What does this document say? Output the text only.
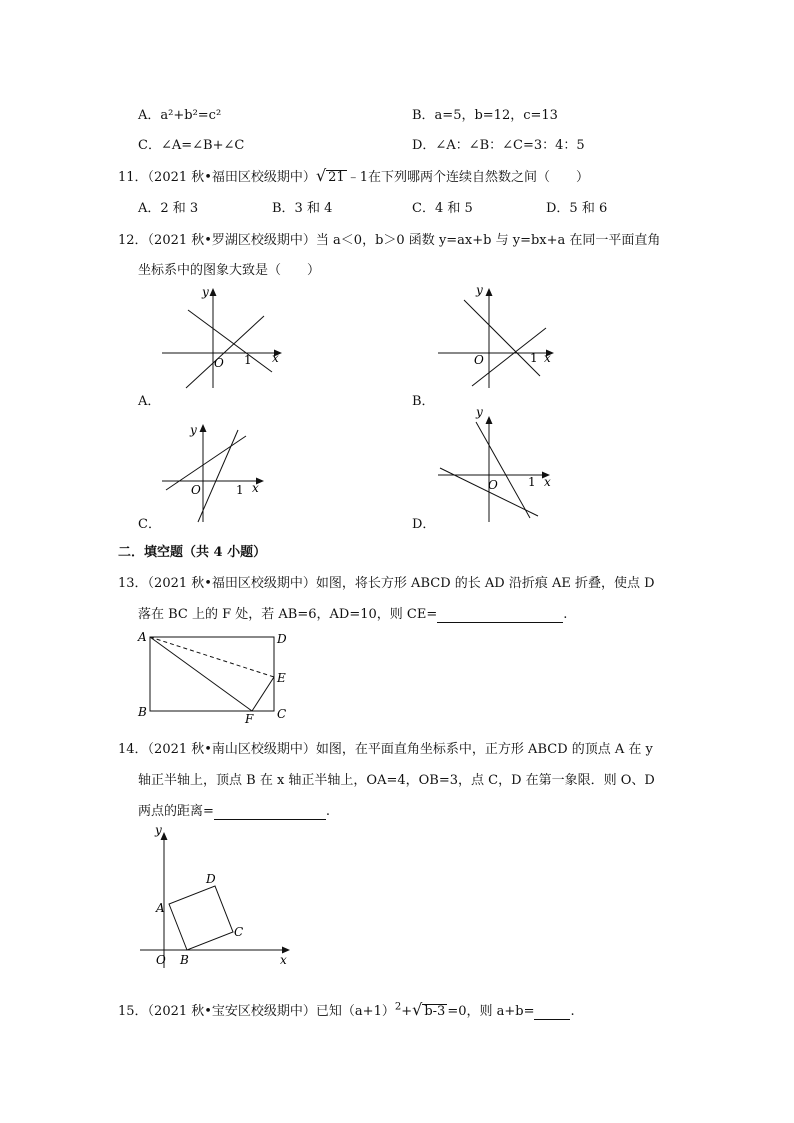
A．a²+b²=c²	B．a=5，b=12，c=13
C．∠A=∠B+∠C	D．∠A：∠B：∠C=3：4：5
11．（2021 秋•福田区校级期中）√ 21 ﹣1在下列哪两个连续自然数之间（　　）
A．2 和 3	B．3 和 4	C．4 和 5	D．5 和 6
12．（2021 秋•罗湖区校级期中）当 a＜0，b＞0 函数 y=ax+b 与 y=bx+a 在同一平面直角
坐标系中的图象大致是（　　）
y
x
O 1
A．
y
x
O	1
B．
y
x
O	1
C．
y
x
O	1
D．
二．填空题（共 4 小题）
13．（2021 秋•福田区校级期中）如图，将长方形 ABCD 的长 AD 沿折痕 AE 折叠，使点 D
落在 BC 上的 F 处，若 AB=6，AD=10，则 CE=	.
A	D
E
B	C
F
14．（2021 秋•南山区校级期中）如图，在平面直角坐标系中，正方形 ABCD 的顶点 A 在 y
轴正半轴上，顶点 B 在 x 轴正半轴上，OA=4，OB=3，点 C，D 在第一象限．则 O、D
两点的距离=	.
y
x
O
A
B
C
D
15．（2021 秋•宝安区校级期中）已知$(a+1)^2+√$ b-3 =0，则 a+b=	.
